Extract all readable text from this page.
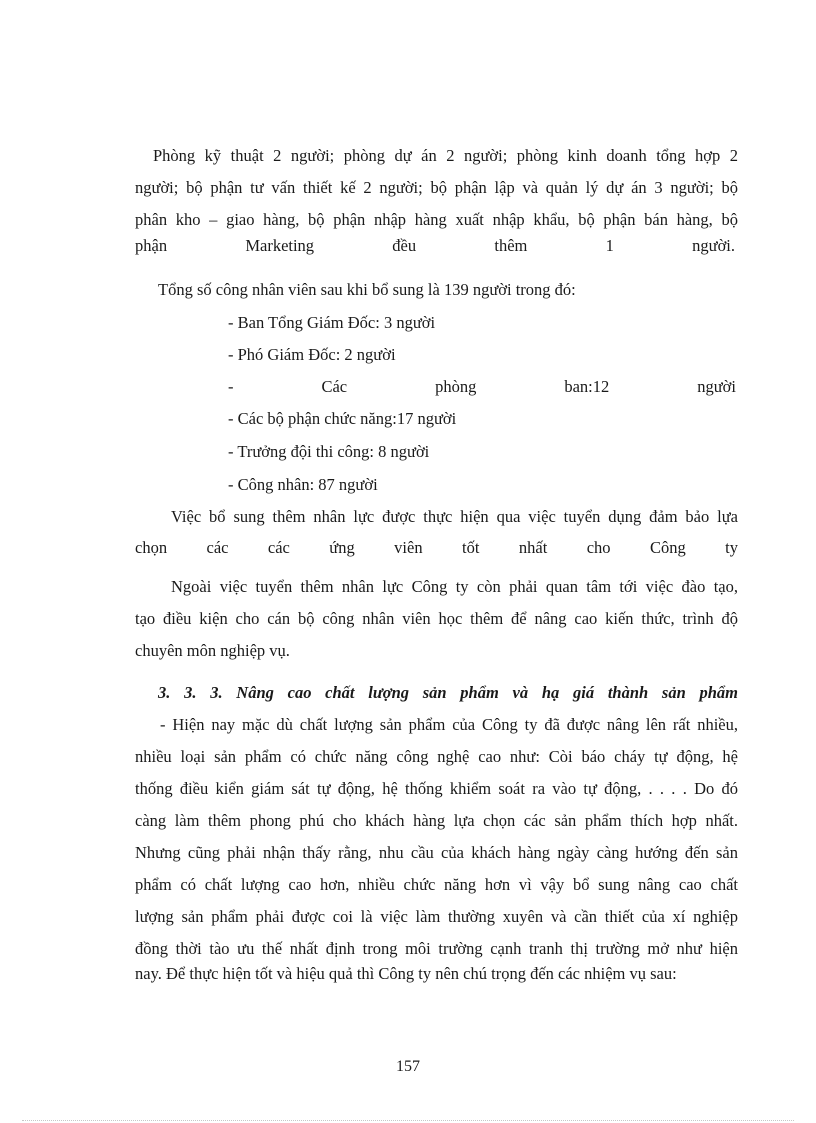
Phòng kỹ thuật 2 người; phòng dự án 2 người; phòng kinh doanh tổng hợp 2
người; bộ phận tư vấn thiết kế 2 người; bộ phận lập và quản lý dự án 3 người; bộ
phân kho – giao hàng, bộ phận nhập hàng xuất nhập khẩu, bộ phận bán hàng, bộ
phận Marketing đều thêm 1 người.
Tổng số công nhân viên sau khi bổ sung là 139 người trong đó:
- Ban Tổng Giám Đốc: 3 người
- Phó Giám Đốc: 2 người
- Các phòng ban:12 người
- Các bộ phận chức năng:17 người
- Trưởng đội thi công: 8 người
- Công nhân: 87 người
Việc bổ sung thêm nhân lực được thực hiện qua việc tuyển dụng đảm bảo lựa
chọn các các ứng viên tốt nhất cho Công ty
Ngoài việc tuyển thêm nhân lực Công ty còn phải quan tâm tới việc đào tạo,
tạo điều kiện cho cán bộ công nhân viên học thêm để nâng cao kiến thức, trình độ
chuyên môn nghiệp vụ.
3. 3. 3. Nâng cao chất lượng sản phẩm và hạ giá thành sản phẩm
- Hiện nay mặc dù chất lượng sản phẩm của Công ty đã được nâng lên rất nhiều,
nhiều loại sản phẩm có chức năng công nghệ cao như: Còi báo cháy tự động, hệ
thống điều kiển giám sát tự động, hệ thống khiểm soát ra vào tự động, . . . . Do đó
càng làm thêm phong phú cho khách hàng lựa chọn các sản phẩm thích hợp nhất.
Nhưng cũng phải nhận thấy rằng, nhu cầu của khách hàng ngày càng hướng đến sản
phẩm có chất lượng cao hơn, nhiều chức năng hơn vì vậy bổ sung nâng cao chất
lượng sản phẩm phải được coi là việc làm thường xuyên và cần thiết của xí nghiệp
đồng thời tào ưu thế nhất định trong môi trường cạnh tranh thị trường mở như hiện
nay. Để thực hiện tốt và hiệu quả thì Công ty nên chú trọng đến các nhiệm vụ sau:
157
